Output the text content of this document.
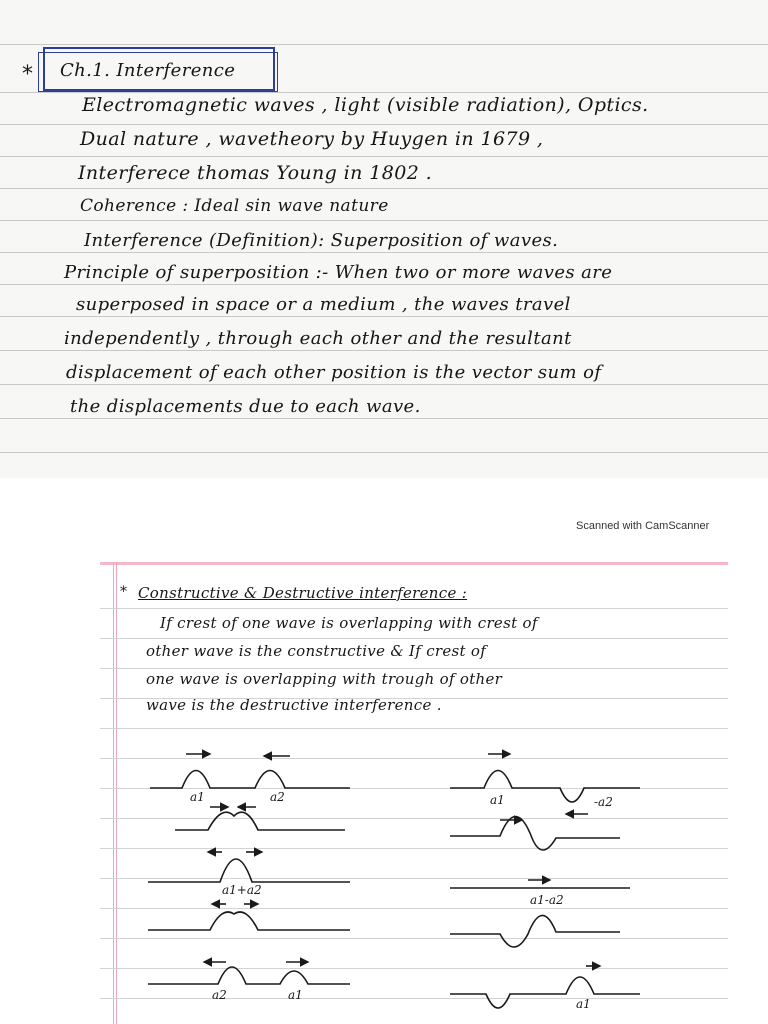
* Ch.1. Interference
Electromagnetic waves , light (visible radiation), Optics.
Dual nature , wavetheory by Huygen in 1679 ,
Interferece thomas Young in 1802 .
Coherence : Ideal sin wave nature
Interference (Definition): Superposition of waves.
Principle of superposition :- When two or more waves are
superposed in space or a medium , the waves travel
independently , through each other and the resultant
displacement of each other position is the vector sum of
the displacements due to each wave.
Scanned with CamScanner
* Constructive & Destructive interference :
If crest of one wave is overlapping with crest of
other wave is the constructive & If crest of
one wave is overlapping with trough of other
wave is the destructive interference .
a1	a2
a1+a2
a2	a1
a1	-a2
a1-a2
a1
